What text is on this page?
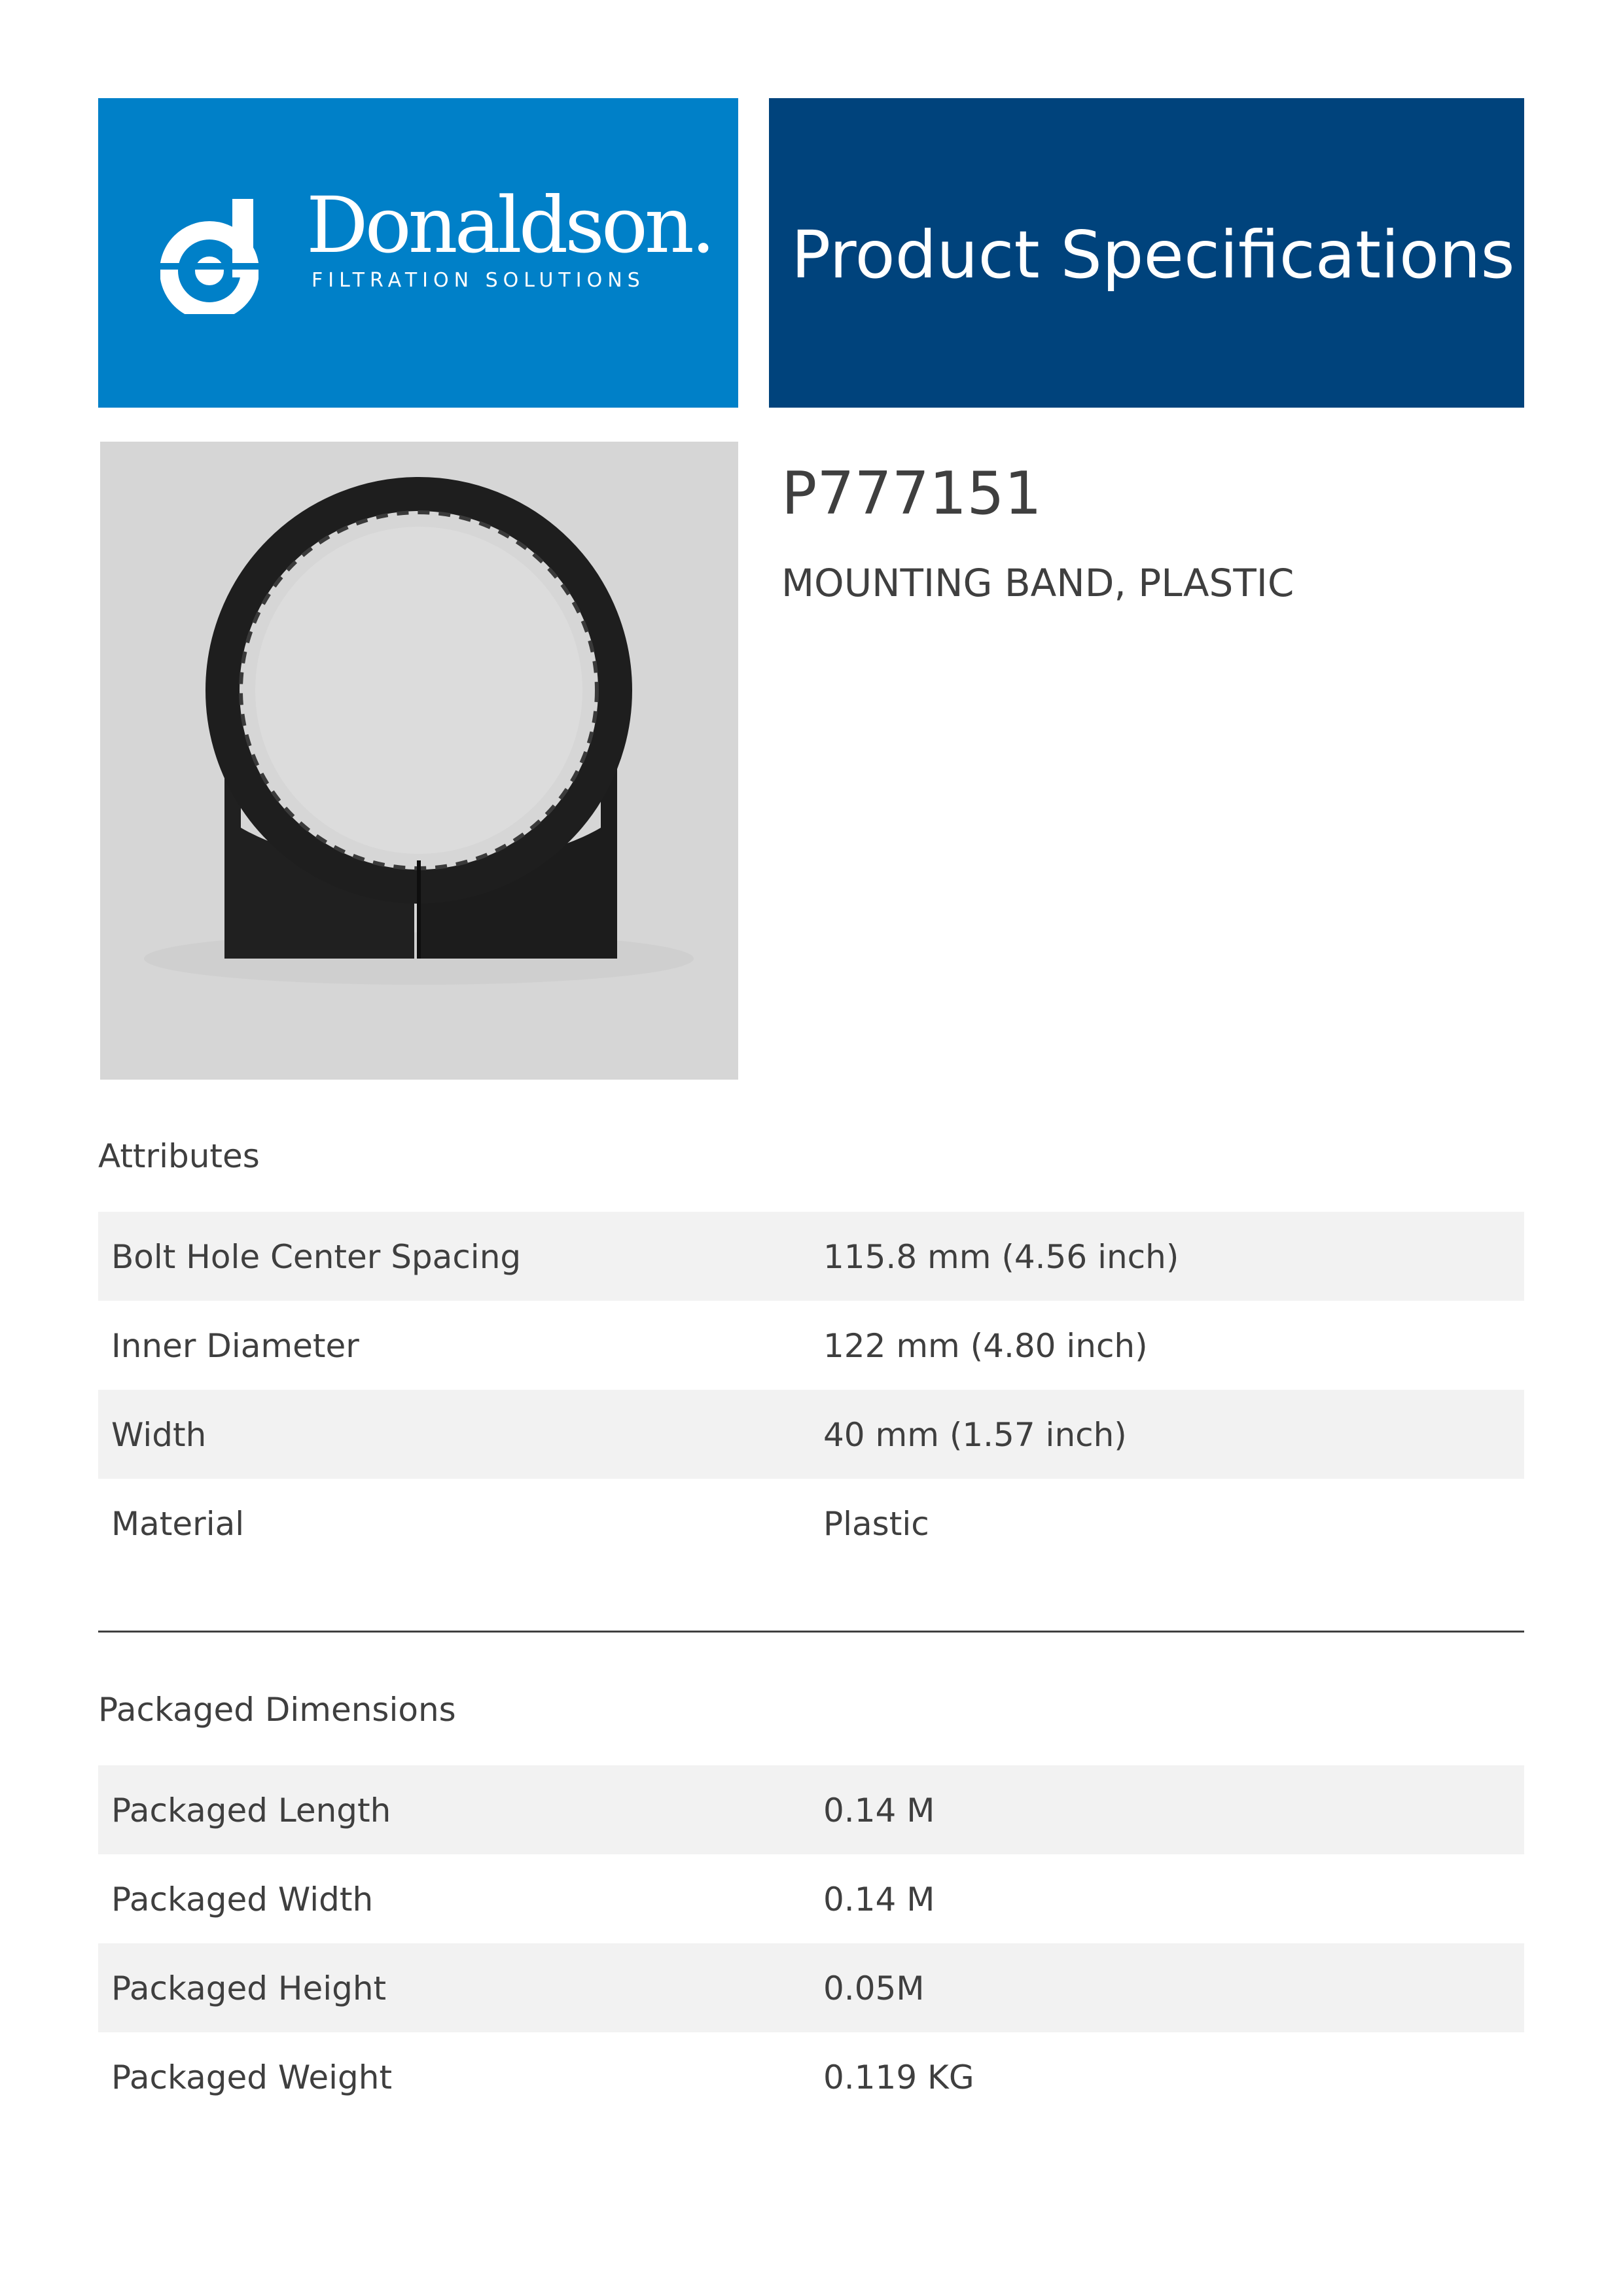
Donaldson.
FILTRATION SOLUTIONS Product Specifications
P777151
MOUNTING BAND, PLASTIC
Attributes
Bolt Hole Center Spacing	115.8 mm (4.56 inch)
Inner Diameter	122 mm (4.80 inch)
Width	40 mm (1.57 inch)
Material	Plastic
Packaged Dimensions
Packaged Length	0.14 M
Packaged Width	0.14 M
Packaged Height	0.05M
Packaged Weight	0.119 KG
